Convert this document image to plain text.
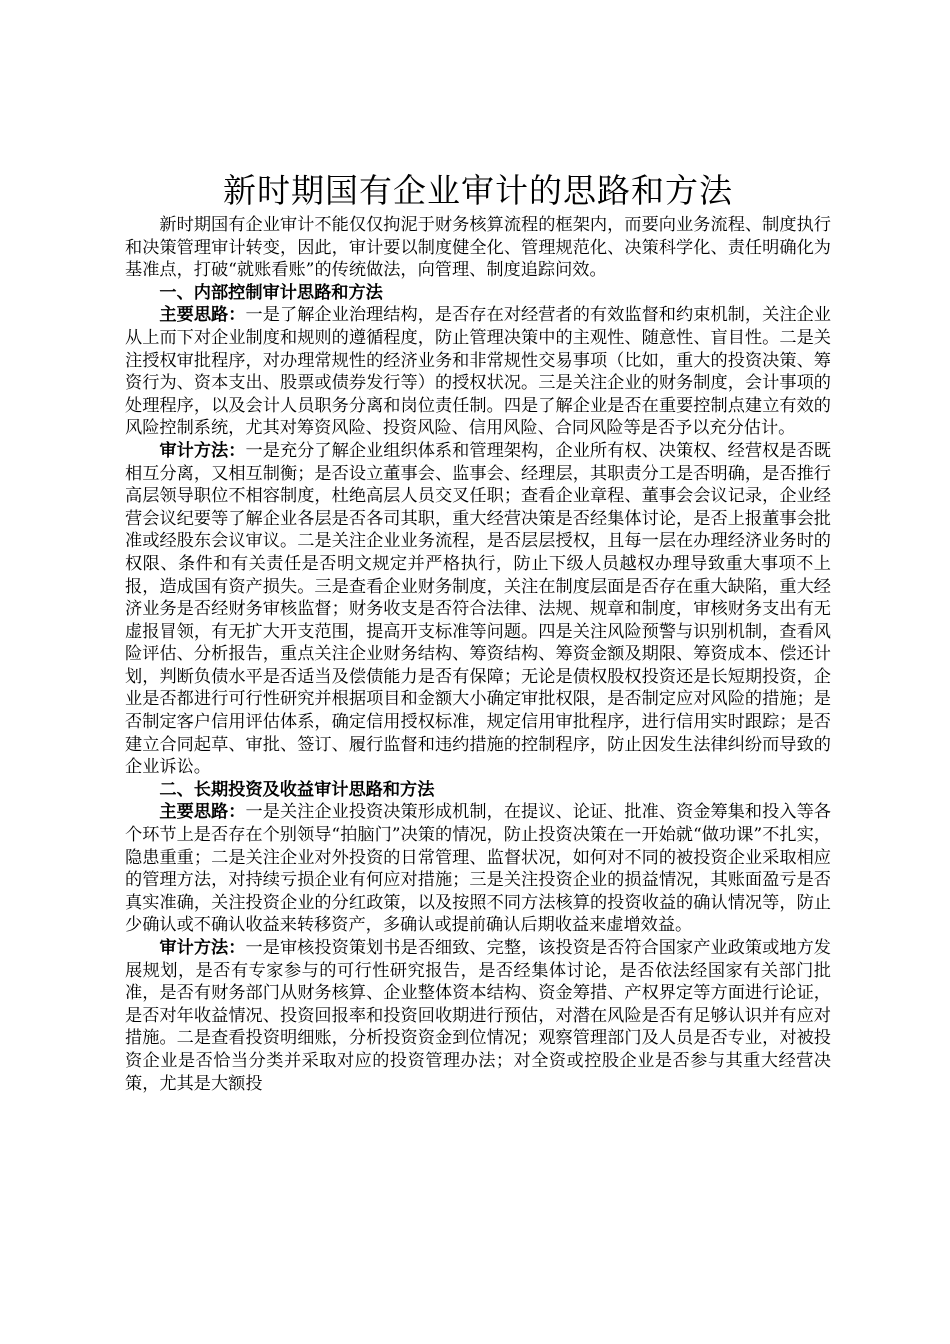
新时期国有企业审计的思路和方法

新时期国有企业审计不能仅仅拘泥于财务核算流程的框架内，而要向业务流程、制度执行和决策管理审计转变，因此，审计要以制度健全化、管理规范化、决策科学化、责任明确化为基准点，打破“就账看账”的传统做法，向管理、制度追踪问效。

一、内部控制审计思路和方法

主要思路：一是了解企业治理结构，是否存在对经营者的有效监督和约束机制，关注企业从上而下对企业制度和规则的遵循程度，防止管理决策中的主观性、随意性、盲目性。二是关注授权审批程序，对办理常规性的经济业务和非常规性交易事项（比如，重大的投资决策、筹资行为、资本支出、股票或债券发行等）的授权状况。三是关注企业的财务制度，会计事项的处理程序，以及会计人员职务分离和岗位责任制。四是了解企业是否在重要控制点建立有效的风险控制系统，尤其对筹资风险、投资风险、信用风险、合同风险等是否予以充分估计。

审计方法：一是充分了解企业组织体系和管理架构，企业所有权、决策权、经营权是否既相互分离，又相互制衡；是否设立董事会、监事会、经理层，其职责分工是否明确，是否推行高层领导职位不相容制度，杜绝高层人员交叉任职；查看企业章程、董事会会议记录，企业经营会议纪要等了解企业各层是否各司其职，重大经营决策是否经集体讨论，是否上报董事会批准或经股东会议审议。二是关注企业业务流程，是否层层授权，且每一层在办理经济业务时的权限、条件和有关责任是否明文规定并严格执行，防止下级人员越权办理导致重大事项不上报，造成国有资产损失。三是查看企业财务制度，关注在制度层面是否存在重大缺陷，重大经济业务是否经财务审核监督；财务收支是否符合法律、法规、规章和制度，审核财务支出有无虚报冒领，有无扩大开支范围，提高开支标准等问题。四是关注风险预警与识别机制，查看风险评估、分析报告，重点关注企业财务结构、筹资结构、筹资金额及期限、筹资成本、偿还计划，判断负债水平是否适当及偿债能力是否有保障；无论是债权股权投资还是长短期投资，企业是否都进行可行性研究并根据项目和金额大小确定审批权限，是否制定应对风险的措施；是否制定客户信用评估体系，确定信用授权标准，规定信用审批程序，进行信用实时跟踪；是否建立合同起草、审批、签订、履行监督和违约措施的控制程序，防止因发生法律纠纷而导致的企业诉讼。

二、长期投资及收益审计思路和方法

主要思路：一是关注企业投资决策形成机制，在提议、论证、批准、资金筹集和投入等各个环节上是否存在个别领导“拍脑门”决策的情况，防止投资决策在一开始就“做功课”不扎实，隐患重重；二是关注企业对外投资的日常管理、监督状况，如何对不同的被投资企业采取相应的管理方法，对持续亏损企业有何应对措施；三是关注投资企业的损益情况，其账面盈亏是否真实准确，关注投资企业的分红政策，以及按照不同方法核算的投资收益的确认情况等，防止少确认或不确认收益来转移资产，多确认或提前确认后期收益来虚增效益。

审计方法：一是审核投资策划书是否细致、完整，该投资是否符合国家产业政策或地方发展规划，是否有专家参与的可行性研究报告，是否经集体讨论，是否依法经国家有关部门批准，是否有财务部门从财务核算、企业整体资本结构、资金筹措、产权界定等方面进行论证，是否对年收益情况、投资回报率和投资回收期进行预估，对潜在风险是否有足够认识并有应对措施。二是查看投资明细账，分析投资资金到位情况；观察管理部门及人员是否专业，对被投资企业是否恰当分类并采取对应的投资管理办法；对全资或控股企业是否参与其重大经营决策，尤其是大额投
